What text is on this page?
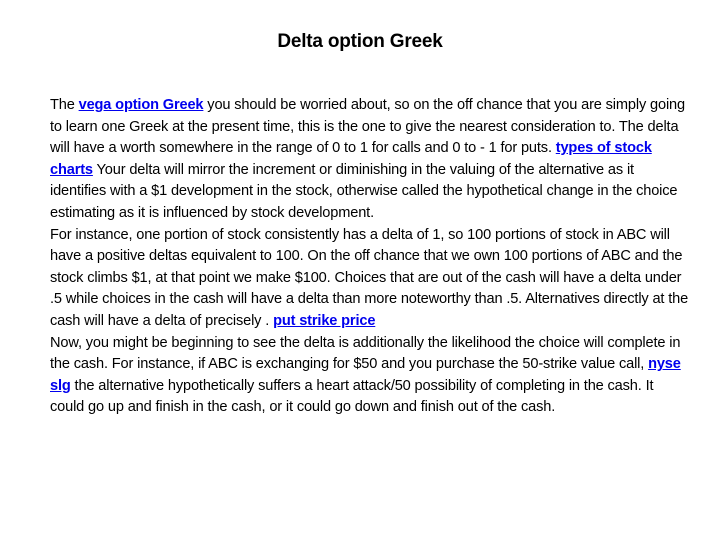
Delta option Greek

The vega option Greek you should be worried about, so on the off chance that you are simply going to learn one Greek at the present time, this is the one to give the nearest consideration to. The delta will have a worth somewhere in the range of 0 to 1 for calls and 0 to - 1 for puts. types of stock charts Your delta will mirror the increment or diminishing in the valuing of the alternative as it identifies with a $1 development in the stock, otherwise called the hypothetical change in the choice estimating as it is influenced by stock development.

For instance, one portion of stock consistently has a delta of 1, so 100 portions of stock in ABC will have a positive deltas equivalent to 100. On the off chance that we own 100 portions of ABC and the stock climbs $1, at that point we make $100. Choices that are out of the cash will have a delta under .5 while choices in the cash will have a delta than more noteworthy than .5. Alternatives directly at the cash will have a delta of precisely . put strike price

Now, you might be beginning to see the delta is additionally the likelihood the choice will complete in the cash. For instance, if ABC is exchanging for $50 and you purchase the 50-strike value call, nyse slg the alternative hypothetically suffers a heart attack/50 possibility of completing in the cash. It could go up and finish in the cash, or it could go down and finish out of the cash.
